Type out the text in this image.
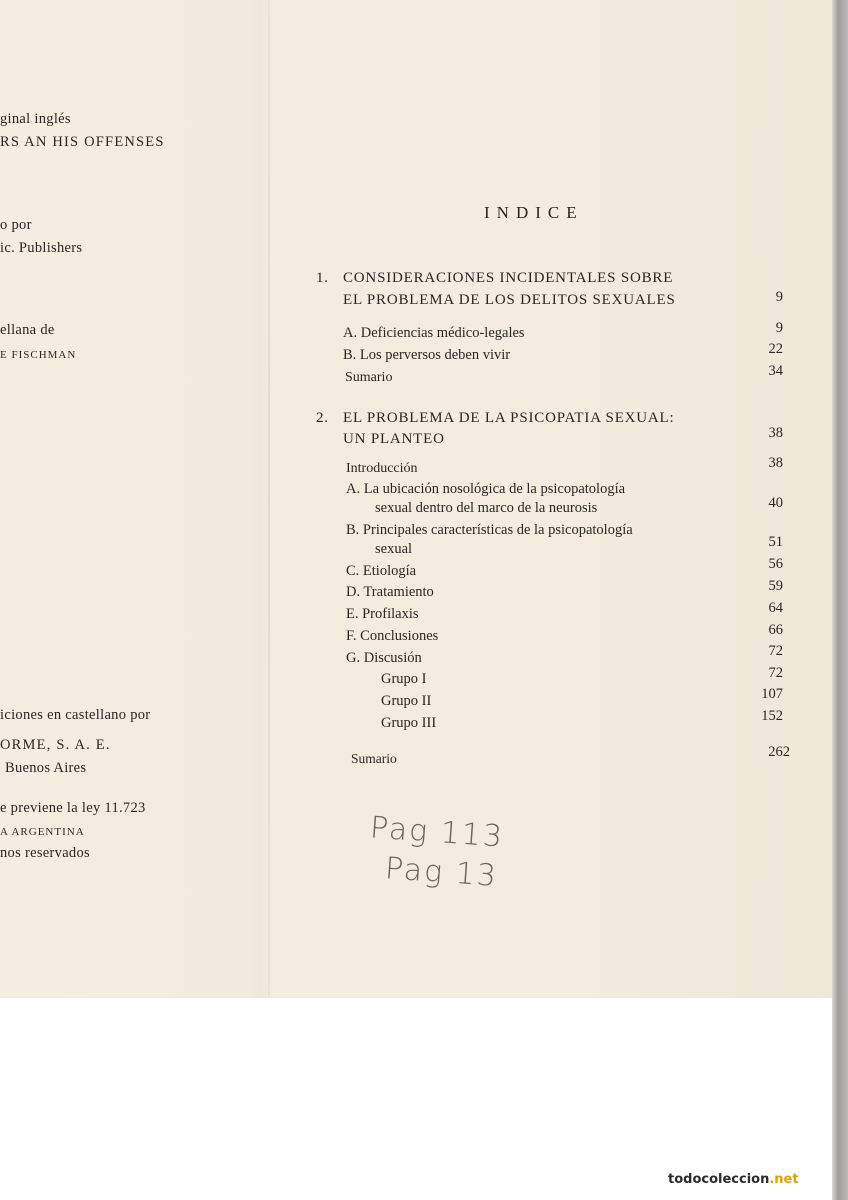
ginal inglés
RS AN HIS OFFENSES
o por
ic. Publishers
ellana de
E FISCHMAN
iciones en castellano por
ORME, S. A. E.
Buenos Aires
e previene la ley 11.723
A ARGENTINA
nos reservados
INDICE
1. CONSIDERACIONES INCIDENTALES SOBRE
EL PROBLEMA DE LOS DELITOS SEXUALES	9
A. Deficiencias médico-legales	9
B. Los perversos deben vivir	22
Sumario	34
2. EL PROBLEMA DE LA PSICOPATIA SEXUAL:
UN PLANTEO	38
Introducción	38
A. La ubicación nosológica de la psicopatología
sexual dentro del marco de la neurosis	40
B. Principales características de la psicopatología
sexual	51
C. Etiología	56
D. Tratamiento	59
E. Profilaxis	64
F. Conclusiones	66
G. Discusión	72
Grupo I	72
Grupo II	107
Grupo III	152
Sumario	262
Pag 113
Pag 13
todocoleccion.net
